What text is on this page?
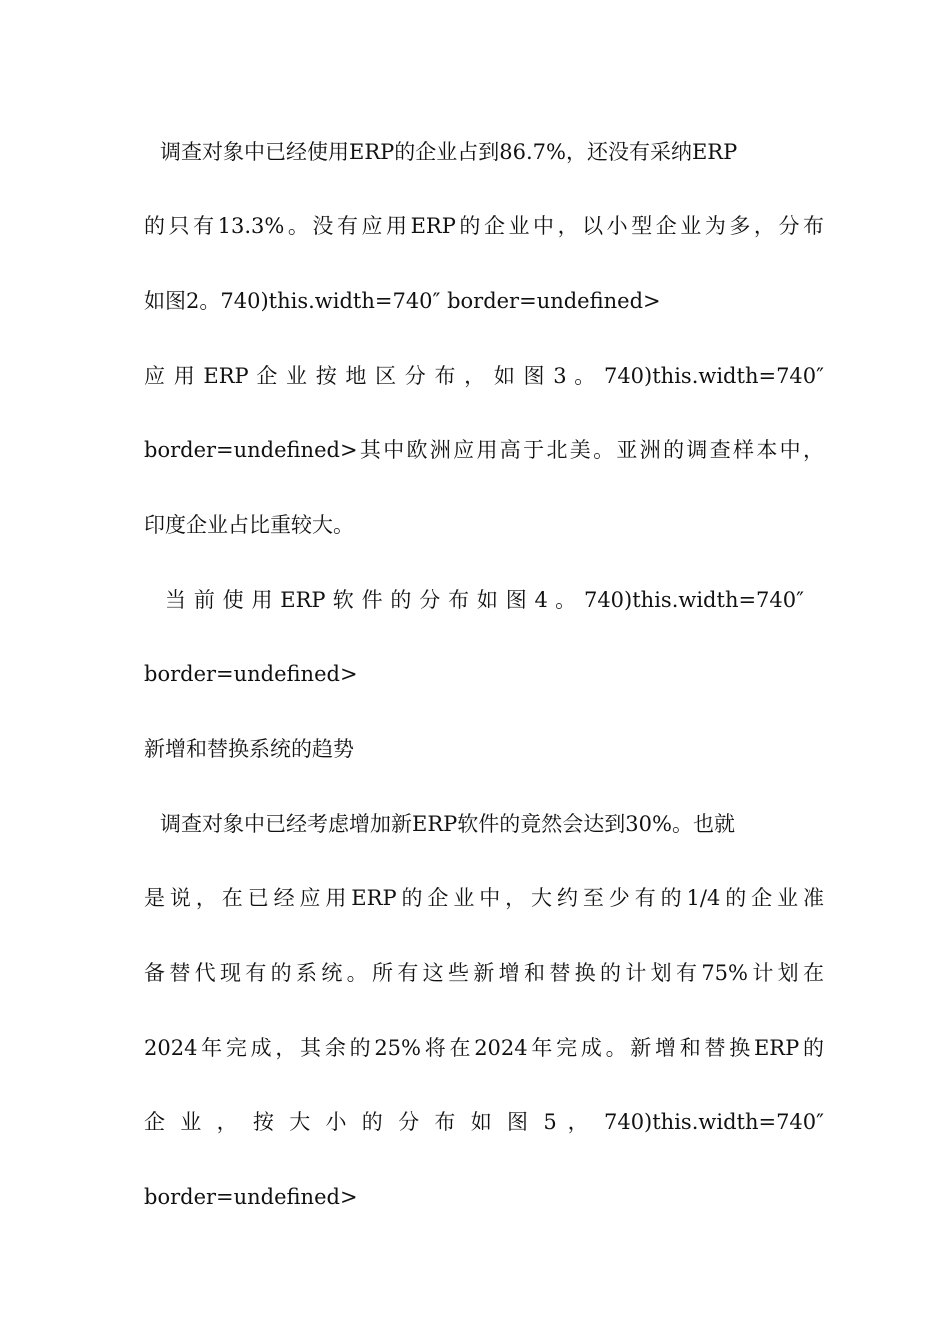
调查对象中已经使用ERP的企业占到86.7%，还没有采纳ERP
的只有13.3%。没有应用ERP的企业中，以小型企业为多，分布
如图2。740)this.width=740″ border=undefined>
应 用 ERP 企 业 按 地 区 分 布 ， 如 图 3 。 740)this.width=740″
border=undefined>其中欧洲应用高于北美。亚洲的调查样本中，
印度企业占比重较大。
当 前 使 用 ERP 软 件 的 分 布 如 图 4 。 740)this.width=740″
border=undefined>
新增和替换系统的趋势
调查对象中已经考虑增加新ERP软件的竟然会达到30%。也就
是说，在已经应用ERP的企业中，大约至少有的1/4的企业准
备替代现有的系统。所有这些新增和替换的计划有75%计划在
2024年完成，其余的25%将在2024年完成。新增和替换ERP的
企 业 ， 按 大 小 的 分 布 如 图 5 ， 740)this.width=740″
border=undefined>
